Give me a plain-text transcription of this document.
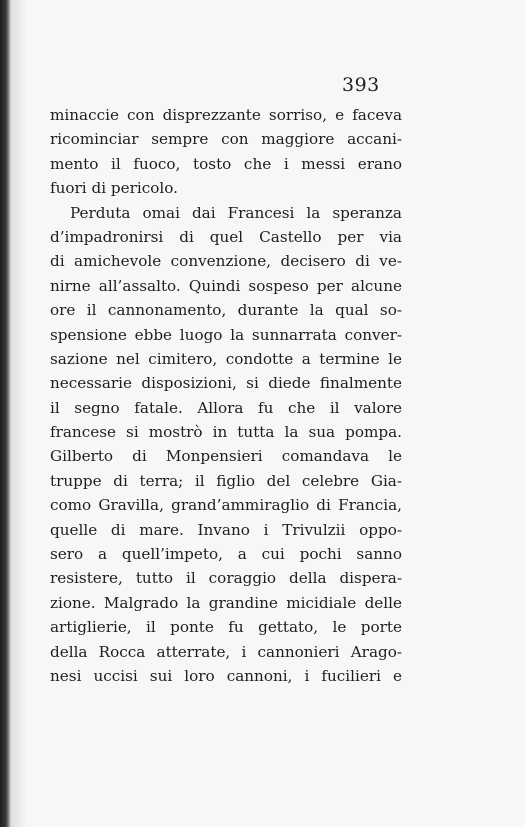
393
minaccie con disprezzante sorriso, e faceva
ricominciar sempre con maggiore accani-
mento il fuoco, tosto che i messi erano
fuori di pericolo.
Perduta omai dai Francesi la speranza
d’impadronirsi di quel Castello per via
di amichevole convenzione, decisero di ve-
nirne all’assalto. Quindi sospeso per alcune
ore il cannonamento, durante la qual so-
spensione ebbe luogo la sunnarrata conver-
sazione nel cimitero, condotte a termine le
necessarie disposizioni, si diede finalmente
il segno fatale. Allora fu che il valore
francese si mostrò in tutta la sua pompa.
Gilberto di Monpensieri comandava le
truppe di terra; il figlio del celebre Gia-
como Gravilla, grand’ammiraglio di Francia,
quelle di mare. Invano i Trivulzii oppo-
sero a quell’impeto, a cui pochi sanno
resistere, tutto il coraggio della dispera-
zione. Malgrado la grandine micidiale delle
artiglierie, il ponte fu gettato, le porte
della Rocca atterrate, i cannonieri Arago-
nesi uccisi sui loro cannoni, i fucilieri e
